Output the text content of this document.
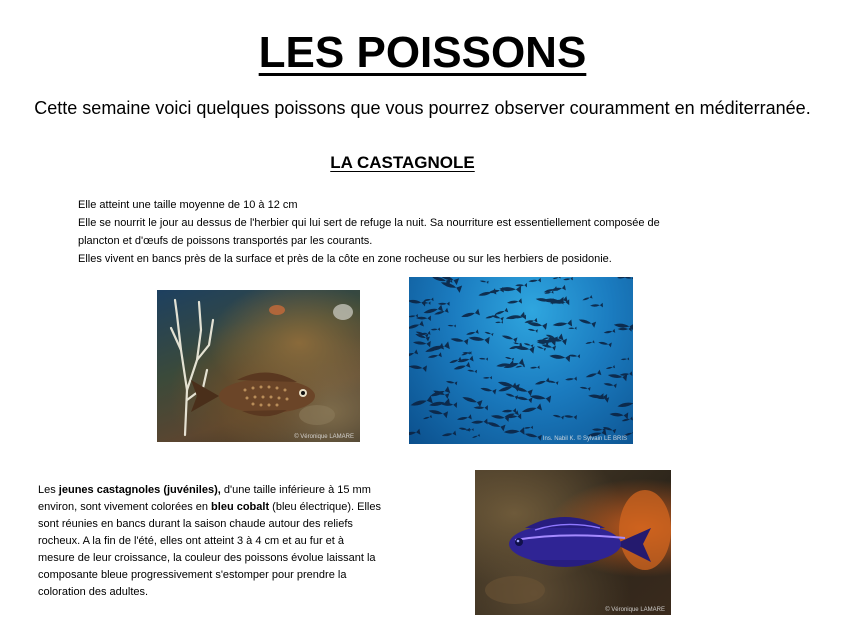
LES POISSONS
Cette semaine voici quelques poissons que vous pourrez observer couramment en méditerranée.
LA CASTAGNOLE
Elle atteint une taille moyenne de 10 à 12 cm
Elle se nourrit le jour au dessus de l'herbier qui lui sert de refuge la nuit. Sa nourriture est essentiellement composée de
plancton et d'œufs de poissons transportés par les courants.
Elles vivent en bancs près de la surface et près de la côte en zone rocheuse ou sur les herbiers de posidonie.
© Véronique LAMARE	Ins. Nabil K. © Sylvain LE BRIS
© Véronique LAMARE
Les jeunes castagnoles (juvéniles), d'une taille inférieure à 15 mm
environ, sont vivement colorées en bleu cobalt (bleu électrique). Elles
sont réunies en bancs durant la saison chaude autour des reliefs
rocheux. A la fin de l'été, elles ont atteint 3 à 4 cm et au fur et à
mesure de leur croissance, la couleur des poissons évolue laissant la
composante bleue progressivement s'estomper pour prendre la
coloration des adultes.
